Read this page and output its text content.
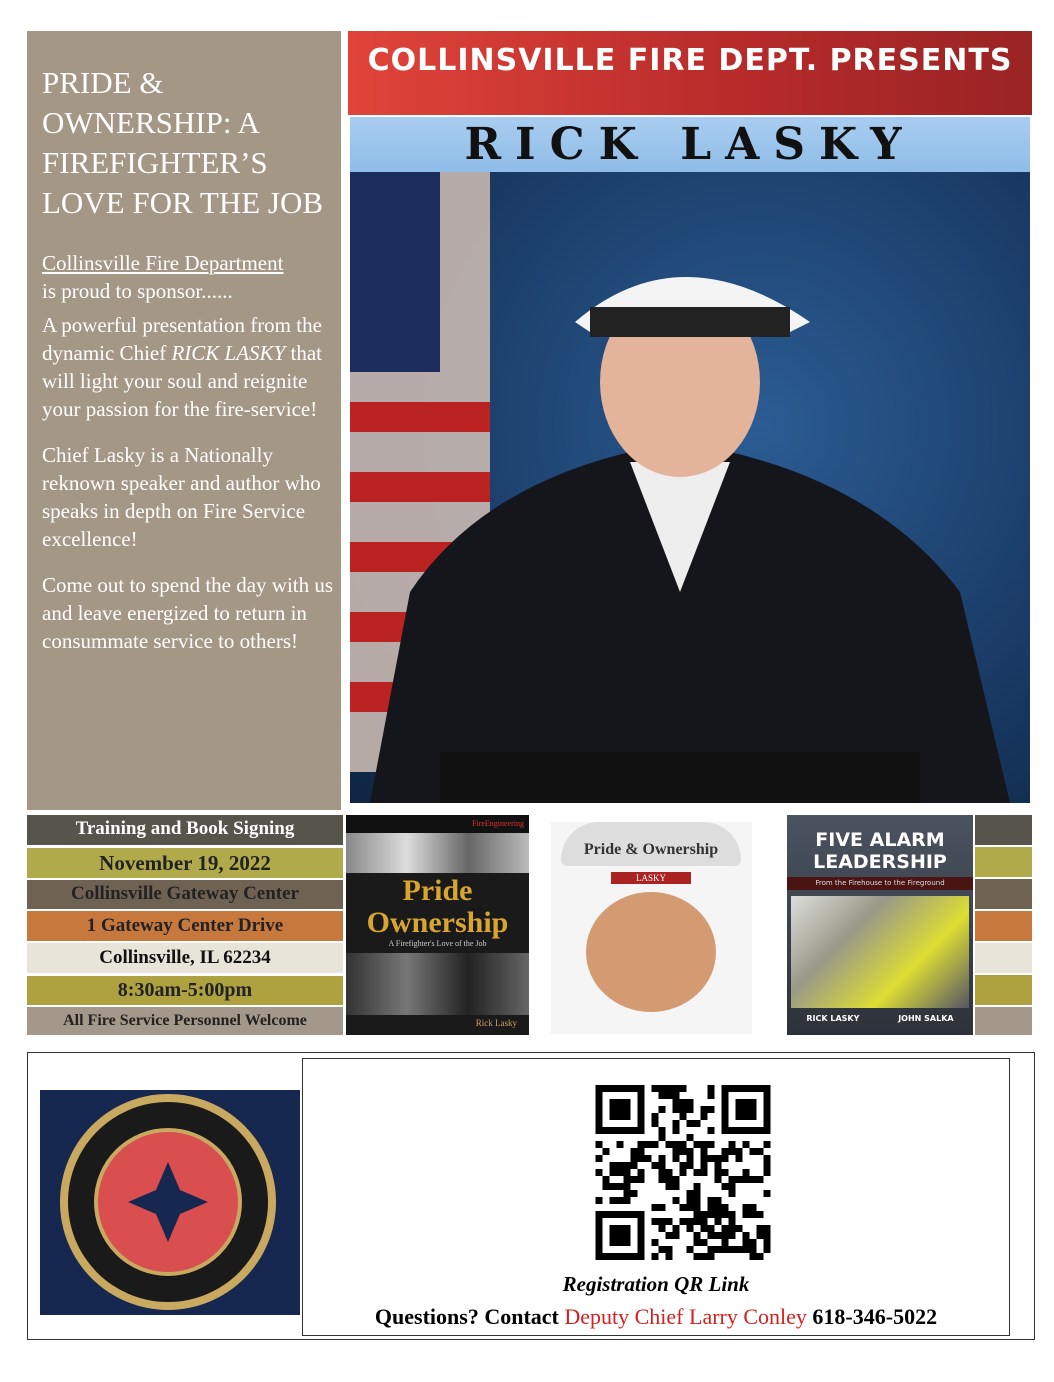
PRIDE & OWNERSHIP: A FIREFIGHTER’S LOVE FOR THE JOB

Collinsville Fire Department
is proud to sponsor......

A powerful presentation from the dynamic Chief RICK LASKY that will light your soul and reignite your passion for the fire-service!

Chief Lasky is a Nationally reknown speaker and author who speaks in depth on Fire Service excellence!

Come out to spend the day with us and leave energized to return in consummate service to others!

COLLINSVILLE FIRE DEPT. PRESENTS
RICK LASKY
Training and Book Signing
November 19, 2022
Collinsville Gateway Center
1 Gateway Center Drive
Collinsville, IL 62234
8:30am-5:00pm
All Fire Service Personnel Welcome
FireEngineering
Pride
Ownership
A Firefighter's Love of the Job
Rick Lasky
Pride & Ownership
LASKY
FIVE ALARM LEADERSHIP
From the Firehouse to the Fireground
RICK LASKY	JOHN SALKA
Registration QR Link
Questions? Contact Deputy Chief Larry Conley 618-346-5022
